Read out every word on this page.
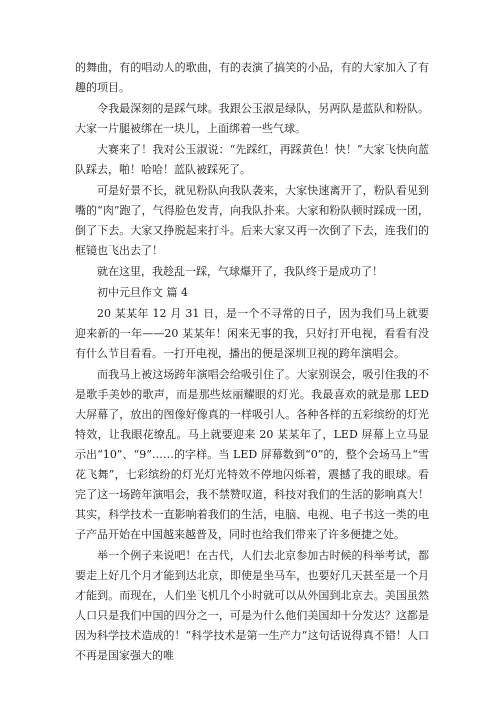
的舞曲，有的唱动人的歌曲，有的表演了搞笑的小品，有的大家加入了有趣的项目。

令我最深刻的是踩气球。我跟公玉淑是绿队，另两队是蓝队和粉队。大家一片腿被绑在一块儿，上面绑着一些气球。

大赛来了！我对公玉淑说：“先踩红，再踩黄色！快！”大家飞快向蓝队踩去，啪！哈哈！蓝队被踩死了。

可是好景不长，就见粉队向我队袭来，大家快速离开了，粉队看见到嘴的“肉”跑了，气得脸色发青，向我队扑来。大家和粉队顿时踩成一团，倒了下去。大家又挣脱起来打斗。后来大家又再一次倒了下去，连我们的框镜也飞出去了！

就在这里，我趁乱一踩，气球爆开了，我队终于是成功了！

初中元旦作文 篇 4

20 某某年 12 月 31 日，是一个不寻常的日子，因为我们马上就要迎来新的一年——20 某某年！闲来无事的我，只好打开电视，看看有没有什么节目看看。一打开电视，播出的便是深圳卫视的跨年演唱会。

而我马上被这场跨年演唱会给吸引住了。大家别误会，吸引住我的不是歌手美妙的歌声，而是那些炫丽耀眼的灯光。我最喜欢的就是那 LED 大屏幕了，放出的图像好像真的一样吸引人。各种各样的五彩缤纷的灯光特效，让我眼花缭乱。马上就要迎来 20 某某年了，LED 屏幕上立马显示出“10”、“9”……的字样。当 LED 屏幕数到“0”的，整个会场马上“雪花飞舞”，七彩缤纷的灯光灯光特效不停地闪烁着，震撼了我的眼球。看完了这一场跨年演唱会，我不禁赞叹道，科技对我们的生活的影响真大！其实，科学技术一直影响着我们的生活，电脑、电视、电子书这一类的电子产品开始在中国越来越普及，同时也给我们带来了许多便捷之处。

举一个例子来说吧！在古代，人们去北京参加古时候的科举考试，都要走上好几个月才能到达北京，即使是坐马车，也要好几天甚至是一个月才能到。而现在，人们坐飞机几个小时就可以从外国到北京去。美国虽然人口只是我们中国的四分之一，可是为什么他们美国却十分发达？这都是因为科学技术造成的！“科学技术是第一生产力”这句话说得真不错！人口不再是国家强大的唯
